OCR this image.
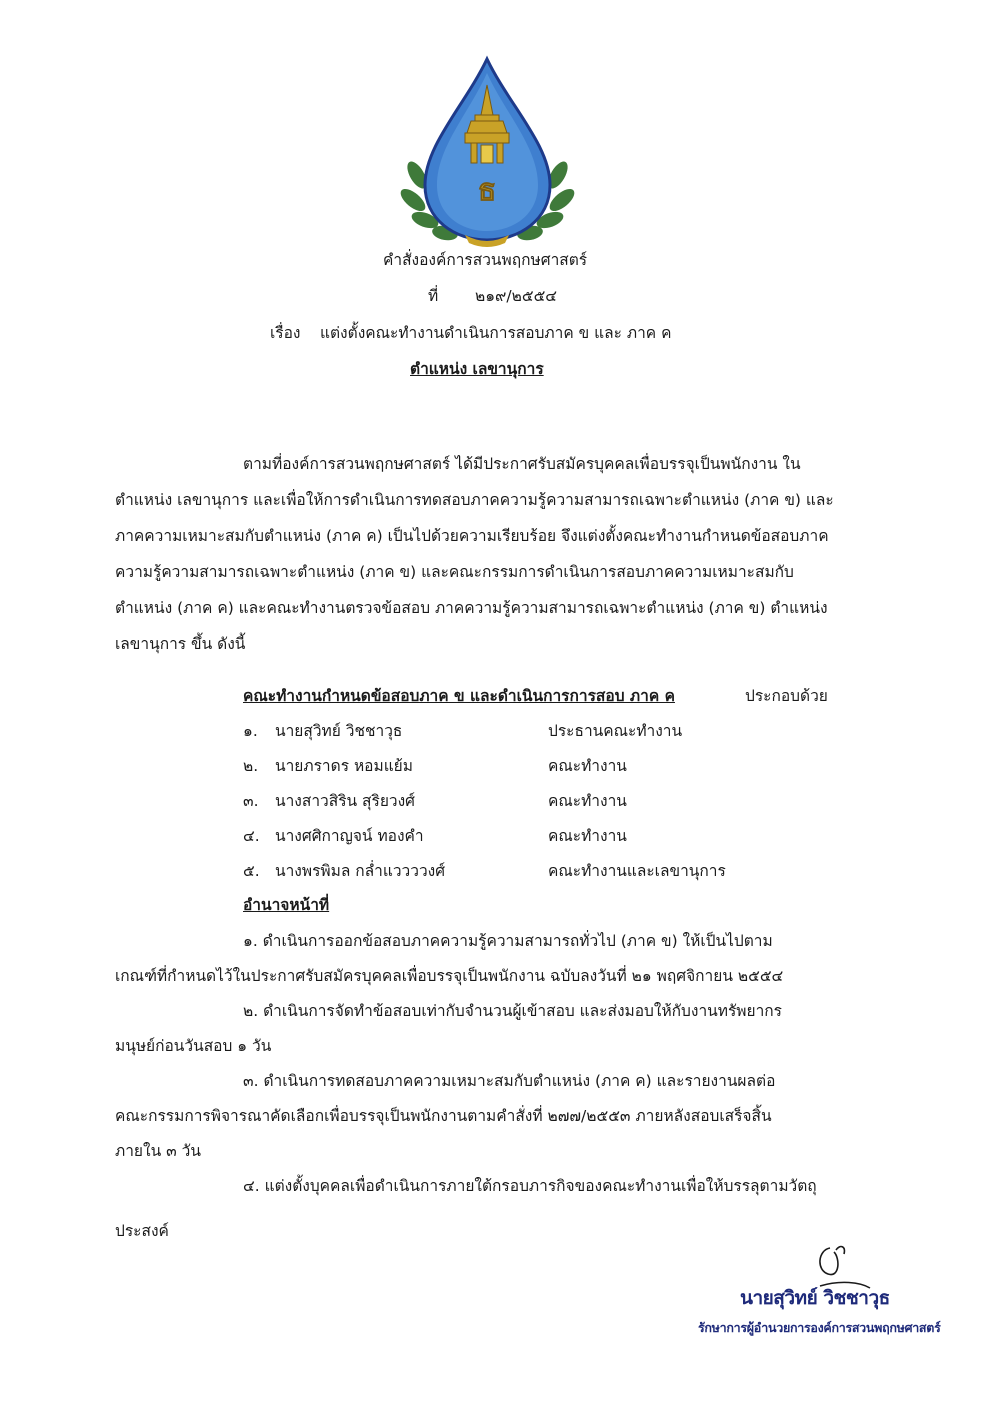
ธ
คำสั่งองค์การสวนพฤกษศาสตร์
ที่ ๒๑๙/๒๕๕๔
เรื่อง แต่งตั้งคณะทำงานดำเนินการสอบภาค ข และ ภาค ค
ตำแหน่ง เลขานุการ
ตามที่องค์การสวนพฤกษศาสตร์ ได้มีประกาศรับสมัครบุคคลเพื่อบรรจุเป็นพนักงาน ใน
ตำแหน่ง เลขานุการ และเพื่อให้การดำเนินการทดสอบภาคความรู้ความสามารถเฉพาะตำแหน่ง (ภาค ข) และ
ภาคความเหมาะสมกับตำแหน่ง (ภาค ค) เป็นไปด้วยความเรียบร้อย จึงแต่งตั้งคณะทำงานกำหนดข้อสอบภาค
ความรู้ความสามารถเฉพาะตำแหน่ง (ภาค ข) และคณะกรรมการดำเนินการสอบภาคความเหมาะสมกับ
ตำแหน่ง (ภาค ค) และคณะทำงานตรวจข้อสอบ ภาคความรู้ความสามารถเฉพาะตำแหน่ง (ภาค ข) ตำแหน่ง
เลขานุการ ขึ้น ดังนี้
คณะทำงานกำหนดข้อสอบภาค ข และดำเนินการการสอบ ภาค ค	ประกอบด้วย
๑. นายสุวิทย์ วิชชาวุธ	ประธานคณะทำงาน
๒. นายภราดร หอมแย้ม	คณะทำงาน
๓. นางสาวสิริน สุริยวงศ์	คณะทำงาน
๔. นางศศิกาญจน์ ทองคำ	คณะทำงาน
๕. นางพรพิมล กล่ำแววววงศ์	คณะทำงานและเลขานุการ
อำนาจหน้าที่
๑. ดำเนินการออกข้อสอบภาคความรู้ความสามารถทั่วไป (ภาค ข) ให้เป็นไปตาม
เกณฑ์ที่กำหนดไว้ในประกาศรับสมัครบุคคลเพื่อบรรจุเป็นพนักงาน ฉบับลงวันที่ ๒๑ พฤศจิกายน ๒๕๕๔
๒. ดำเนินการจัดทำข้อสอบเท่ากับจำนวนผู้เข้าสอบ และส่งมอบให้กับงานทรัพยากร
มนุษย์ก่อนวันสอบ ๑ วัน
๓. ดำเนินการทดสอบภาคความเหมาะสมกับตำแหน่ง (ภาค ค) และรายงานผลต่อ
คณะกรรมการพิจารณาคัดเลือกเพื่อบรรจุเป็นพนักงานตามคำสั่งที่ ๒๗๗/๒๕๕๓ ภายหลังสอบเสร็จสิ้น
ภายใน ๓ วัน
๔. แต่งตั้งบุคคลเพื่อดำเนินการภายใต้กรอบภารกิจของคณะทำงานเพื่อให้บรรลุตามวัตถุ
ประสงค์
นายสุวิทย์ วิชชาวุธ
รักษาการผู้อำนวยการองค์การสวนพฤกษศาสตร์
